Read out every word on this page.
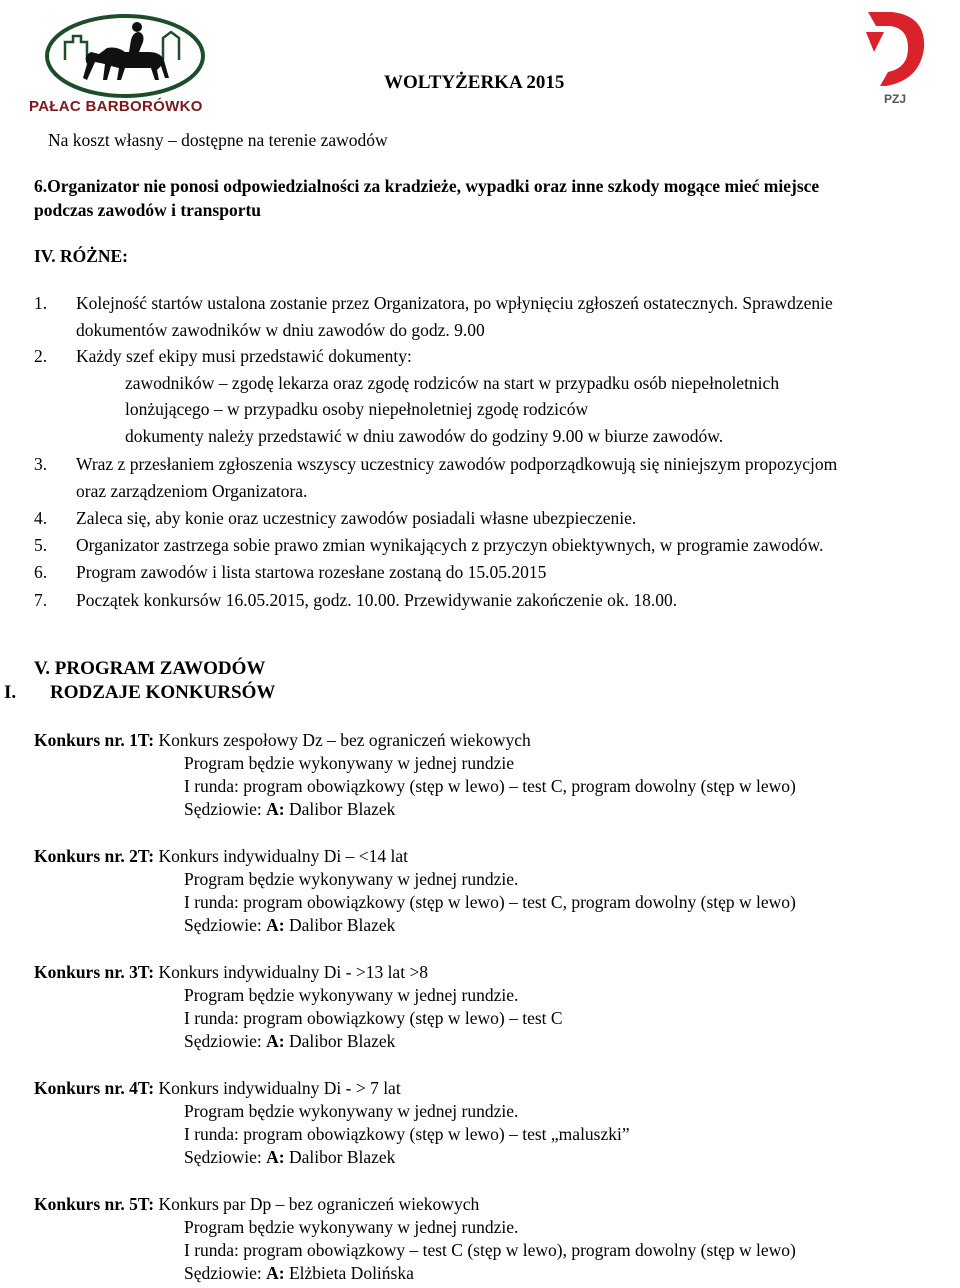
PAŁAC BARBORÓWKO
WOLTYŻERKA 2015
PZJ
Na koszt własny – dostępne na terenie zawodów
6.Organizator nie ponosi odpowiedzialności za kradzieże, wypadki oraz inne szkody mogące mieć miejsce
podczas zawodów i transportu
IV. RÓŻNE:
1. Kolejność startów ustalona zostanie przez Organizatora, po wpłynięciu zgłoszeń ostatecznych. Sprawdzenie
dokumentów zawodników w dniu zawodów do godz. 9.00
2. Każdy szef ekipy musi przedstawić dokumenty:
zawodników – zgodę lekarza oraz zgodę rodziców na start w przypadku osób niepełnoletnich
lonżującego – w przypadku osoby niepełnoletniej zgodę rodziców
dokumenty należy przedstawić w dniu zawodów do godziny 9.00 w biurze zawodów.
3. Wraz z przesłaniem zgłoszenia wszyscy uczestnicy zawodów podporządkowują się niniejszym propozycjom
oraz zarządzeniom Organizatora.
4. Zaleca się, aby konie oraz uczestnicy zawodów posiadali własne ubezpieczenie.
5. Organizator zastrzega sobie prawo zmian wynikających z przyczyn obiektywnych, w programie zawodów.
6. Program zawodów i lista startowa rozesłane zostaną do 15.05.2015
7. Początek konkursów 16.05.2015, godz. 10.00. Przewidywanie zakończenie ok. 18.00.
V. PROGRAM ZAWODÓW
I. RODZAJE KONKURSÓW
Konkurs nr. 1T: Konkurs zespołowy Dz – bez ograniczeń wiekowych
Program będzie wykonywany w jednej rundzie
I runda: program obowiązkowy (stęp w lewo) – test C, program dowolny (stęp w lewo)
Sędziowie: A: Dalibor Blazek
Konkurs nr. 2T: Konkurs indywidualny Di – <14 lat
Program będzie wykonywany w jednej rundzie.
I runda: program obowiązkowy (stęp w lewo) – test C, program dowolny (stęp w lewo)
Sędziowie: A: Dalibor Blazek
Konkurs nr. 3T: Konkurs indywidualny Di - >13 lat >8
Program będzie wykonywany w jednej rundzie.
I runda: program obowiązkowy (stęp w lewo) – test C
Sędziowie: A: Dalibor Blazek
Konkurs nr. 4T: Konkurs indywidualny Di - > 7 lat
Program będzie wykonywany w jednej rundzie.
I runda: program obowiązkowy (stęp w lewo) – test „maluszki”
Sędziowie: A: Dalibor Blazek
Konkurs nr. 5T: Konkurs par Dp – bez ograniczeń wiekowych
Program będzie wykonywany w jednej rundzie.
I runda: program obowiązkowy – test C (stęp w lewo), program dowolny (stęp w lewo)
Sędziowie: A: Elżbieta Dolińska
